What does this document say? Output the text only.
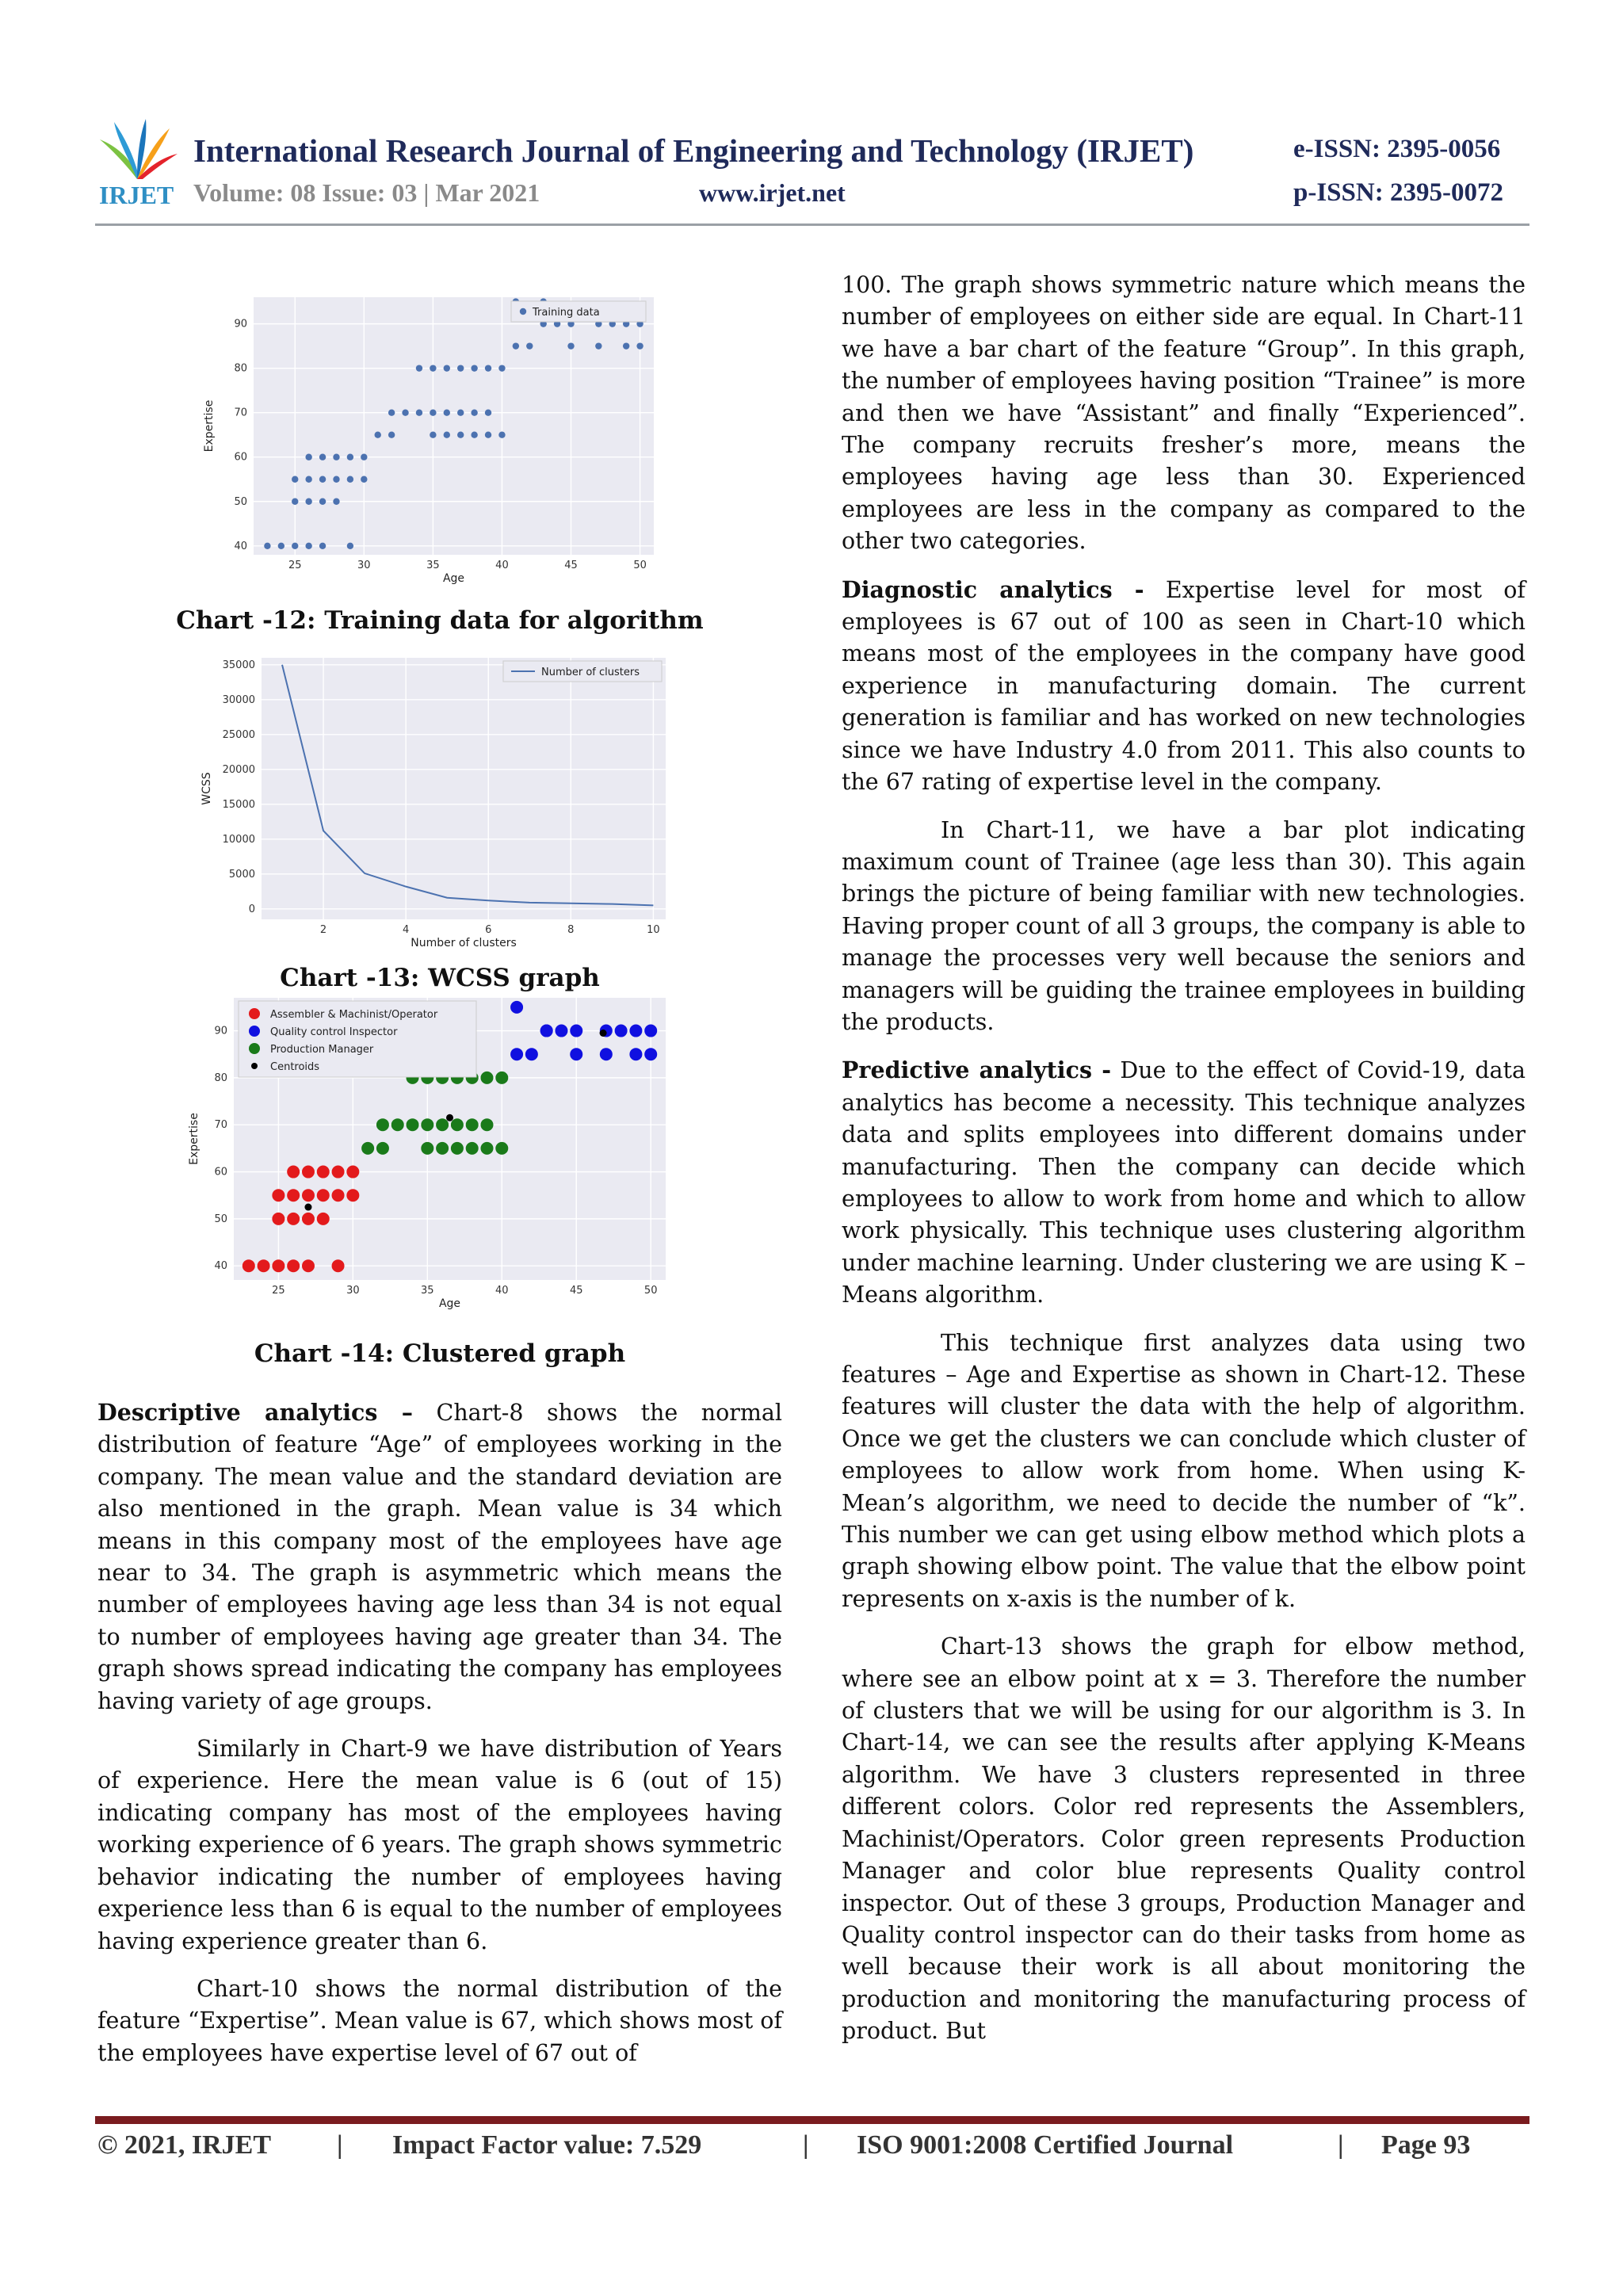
IRJET
International Research Journal of Engineering and Technology (IRJET)
Volume: 08 Issue: 03 | Mar 2021	www.irjet.net
e-ISSN: 2395-0056
p-ISSN: 2395-0072
25	30	35	40	45	50
40
50
60
70
80
90
Age
Expertise
Training data
Chart -12: Training data for algorithm
2	4	6	8	10
0
5000
10000
15000
20000
25000
30000
35000
Number of clusters
WCSS
Number of clusters
Chart -13: WCSS graph
25	30	35	40	45	50
40
50
60
70
80
90
Age
Expertise
Assembler & Machinist/Operator
Quality control Inspector
Production Manager
Centroids
Chart -14: Clustered graph

Descriptive analytics – Chart-8 shows the normal distribution of feature “Age” of employees working in the company. The mean value and the standard deviation are also mentioned in the graph. Mean value is 34 which means in this company most of the employees have age near to 34. The graph is asymmetric which means the number of employees having age less than 34 is not equal to number of employees having age greater than 34. The graph shows spread indicating the company has employees having variety of age groups.

Similarly in Chart-9 we have distribution of Years of experience. Here the mean value is 6 (out of 15) indicating company has most of the employees having working experience of 6 years. The graph shows symmetric behavior indicating the number of employees having experience less than 6 is equal to the number of employees having experience greater than 6.

Chart-10 shows the normal distribution of the feature “Expertise”. Mean value is 67, which shows most of the employees have expertise level of 67 out of

100. The graph shows symmetric nature which means the number of employees on either side are equal. In Chart-11 we have a bar chart of the feature “Group”. In this graph, the number of employees having position “Trainee” is more and then we have “Assistant” and finally “Experienced”. The company recruits fresher’s more, means the employees having age less than 30. Experienced employees are less in the company as compared to the other two categories.

Diagnostic analytics - Expertise level for most of employees is 67 out of 100 as seen in Chart-10 which means most of the employees in the company have good experience in manufacturing domain. The current generation is familiar and has worked on new technologies since we have Industry 4.0 from 2011. This also counts to the 67 rating of expertise level in the company.

In Chart-11, we have a bar plot indicating maximum count of Trainee (age less than 30). This again brings the picture of being familiar with new technologies. Having proper count of all 3 groups, the company is able to manage the processes very well because the seniors and managers will be guiding the trainee employees in building the products.

Predictive analytics - Due to the effect of Covid-19, data analytics has become a necessity. This technique analyzes data and splits employees into different domains under manufacturing. Then the company can decide which employees to allow to work from home and which to allow work physically. This technique uses clustering algorithm under machine learning. Under clustering we are using K – Means algorithm.

This technique first analyzes data using two features – Age and Expertise as shown in Chart-12. These features will cluster the data with the help of algorithm. Once we get the clusters we can conclude which cluster of employees to allow work from home. When using K- Mean’s algorithm, we need to decide the number of “k”. This number we can get using elbow method which plots a graph showing elbow point. The value that the elbow point represents on x-axis is the number of k.

Chart-13 shows the graph for elbow method, where see an elbow point at x = 3. Therefore the number of clusters that we will be using for our algorithm is 3. In Chart-14, we can see the results after applying K-Means algorithm. We have 3 clusters represented in three different colors. Color red represents the Assemblers, Machinist/Operators. Color green represents Production Manager and color blue represents Quality control inspector. Out of these 3 groups, Production Manager and Quality control inspector can do their tasks from home as well because their work is all about monitoring the production and monitoring the manufacturing process of product. But

© 2021, IRJET | Impact Factor value: 7.529	| ISO 9001:2008 Certified Journal	| Page 93
